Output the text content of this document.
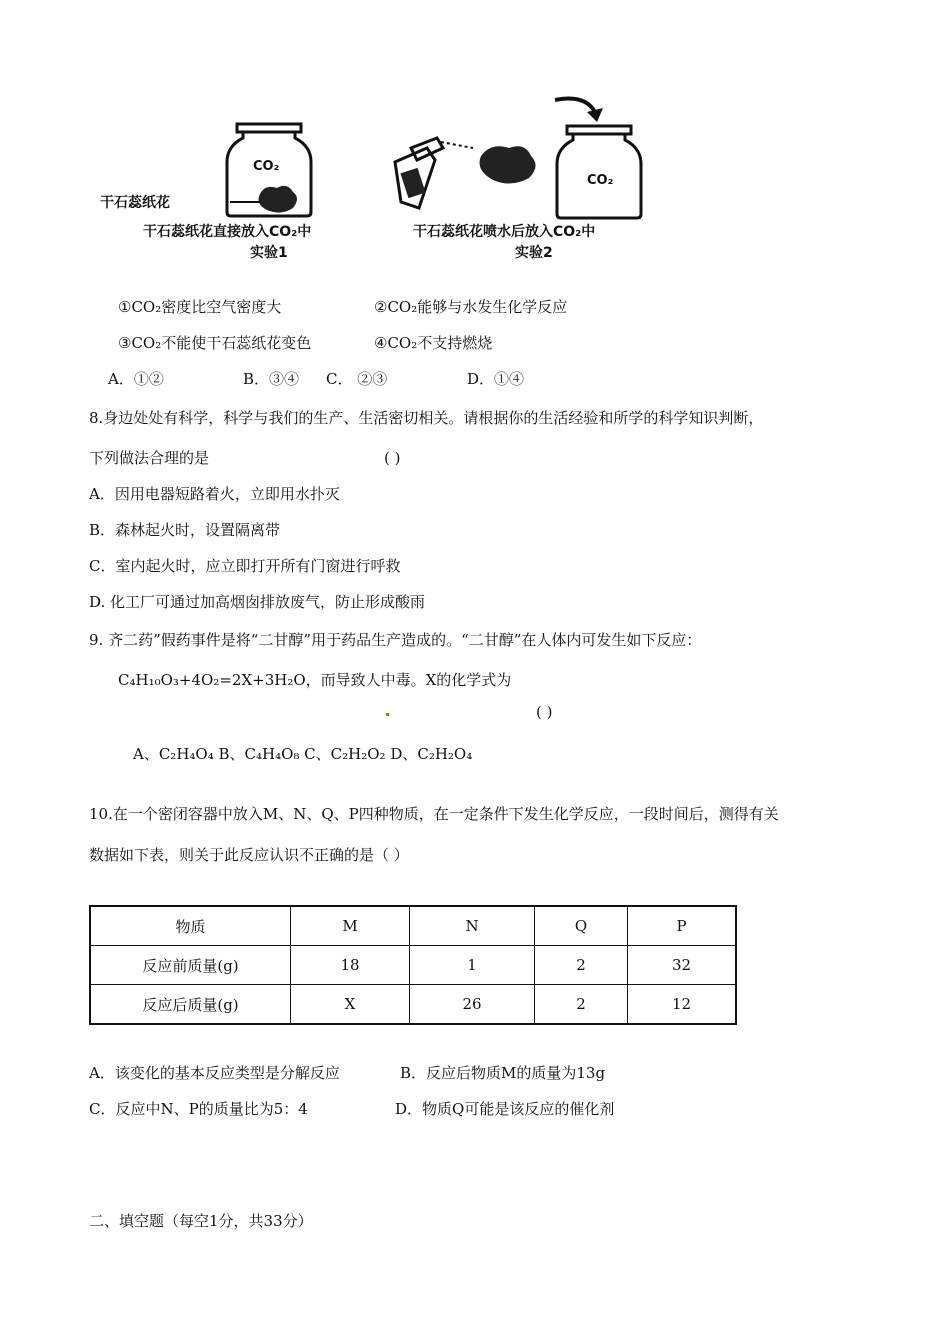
CO₂
干石蕊纸花
CO₂
干石蕊纸花直接放入CO₂中
实验1
干石蕊纸花喷水后放入CO₂中
实验2
①CO₂密度比空气密度大	②CO₂能够与水发生化学反应
③CO₂不能使干石蕊纸花变色	④CO₂不支持燃烧
A．①②	B．③④ C． ②③	D．①④
8.身边处处有科学，科学与我们的生产、生活密切相关。请根据你的生活经验和所学的科学知识判断，
下列做法合理的是	( )
A．因用电器短路着火，立即用水扑灭
B．森林起火时，设置隔离带
C．室内起火时，应立即打开所有门窗进行呼救
D. 化工厂可通过加高烟囱排放废气，防止形成酸雨
9. 齐二药”假药事件是将“二甘醇”用于药品生产造成的。“二甘醇”在人体内可发生如下反应：
C₄H₁₀O₃+4O₂=2X+3H₂O，而导致人中毒。X的化学式为
( )
A、C₂H₄O₄ B、C₄H₄O₈ C、C₂H₂O₂ D、C₂H₂O₄
10.在一个密闭容器中放入M、N、Q、P四种物质，在一定条件下发生化学反应，一段时间后，测得有关
数据如下表，则关于此反应认识不正确的是（ ）
物质	M	N	Q	P
反应前质量(g)	18	1	2	32
反应后质量(g)	X	26	2	12
A．该变化的基本反应类型是分解反应	B．反应后物质M的质量为13g
C．反应中N、P的质量比为5：4	D．物质Q可能是该反应的催化剂
二、填空题（每空1分，共33分）
